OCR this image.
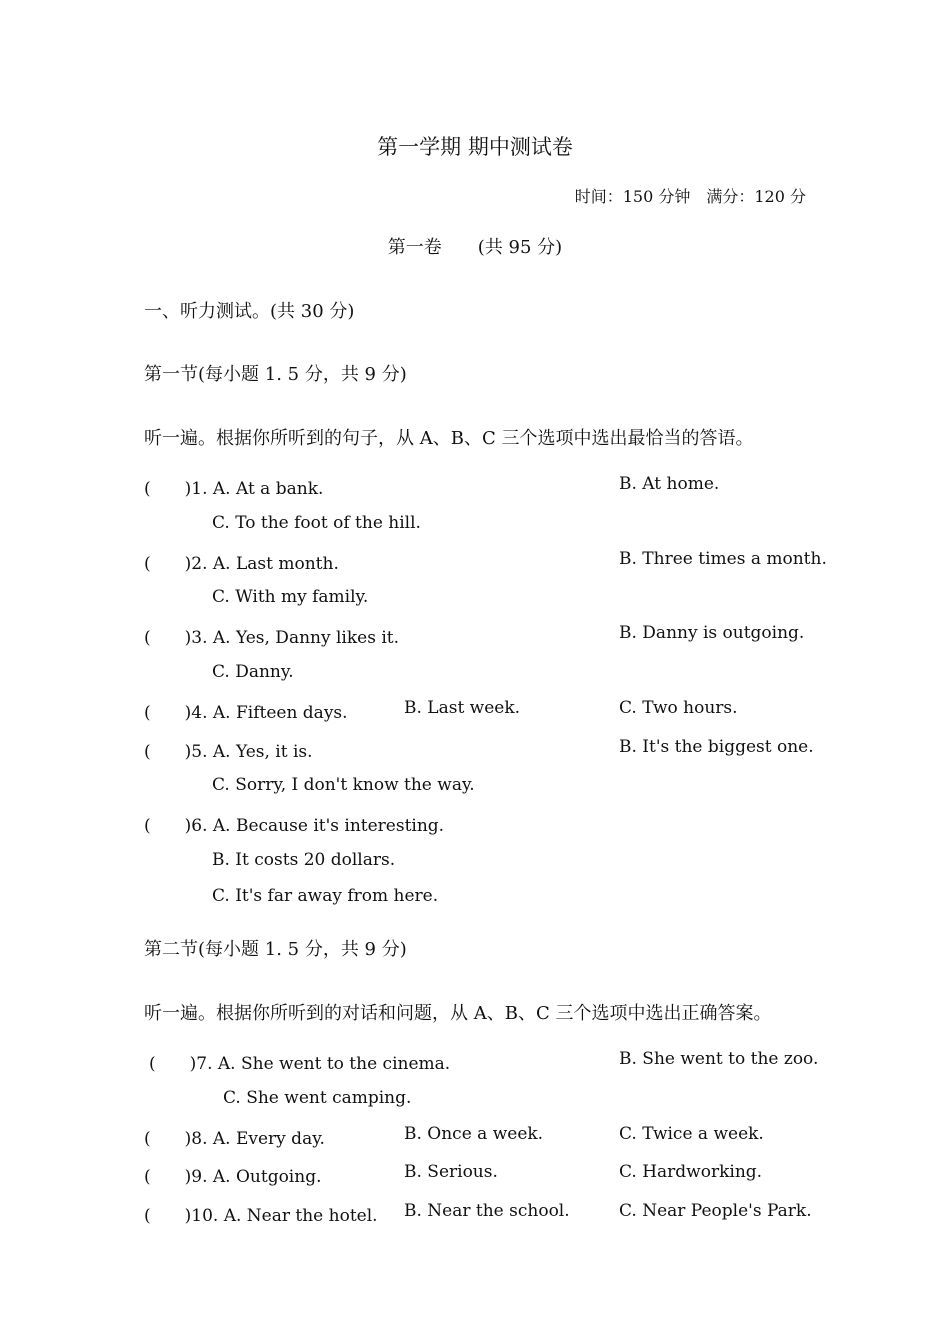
第一学期 期中测试卷
时间：150 分钟　满分：120 分
第一卷　　(共 95 分)
一、听力测试。(共 30 分)
第一节(每小题 1. 5 分，共 9 分)
听一遍。根据你所听到的句子，从 A、B、C 三个选项中选出最恰当的答语。
(　　)1. A. At a bank.	B. At home.
C. To the foot of the hill.
(　　)2. A. Last month.	B. Three times a month.
C. With my family.
(　　)3. A. Yes, Danny likes it.	B. Danny is outgoing.
C. Danny.
(　　)4. A. Fifteen days.	B. Last week.	C. Two hours.
(　　)5. A. Yes, it is.	B. It's the biggest one.
C. Sorry, I don't know the way.
(　　)6. A. Because it's interesting.
B. It costs 20 dollars.
C. It's far away from here.
第二节(每小题 1. 5 分，共 9 分)
听一遍。根据你所听到的对话和问题，从 A、B、C 三个选项中选出正确答案。
(　　)7. A. She went to the cinema.	B. She went to the zoo.
C. She went camping.
(　　)8. A. Every day.	B. Once a week.	C. Twice a week.
(　　)9. A. Outgoing.	B. Serious.	C. Hardworking.
(　　)10. A. Near the hotel. B. Near the school.	C. Near People's Park.
